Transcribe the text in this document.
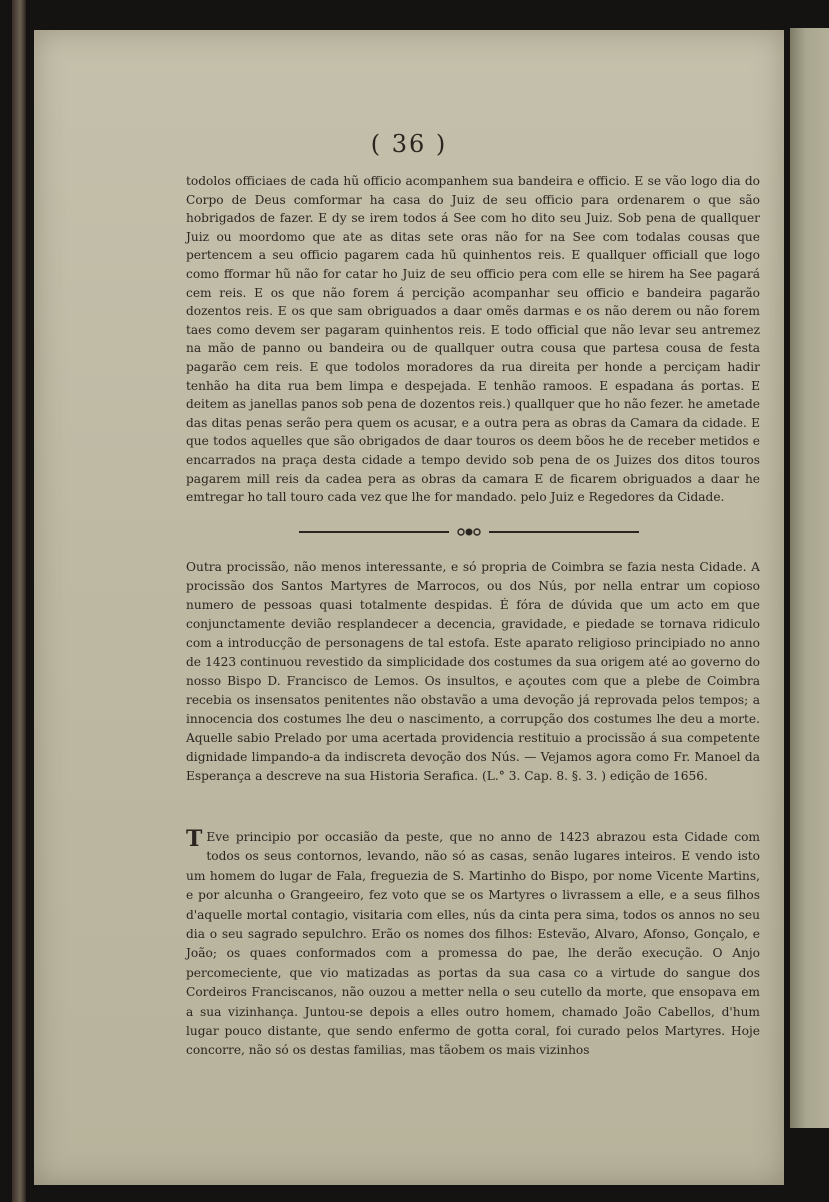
( 36 )
todolos officiaes de cada hũ officio acompanhem sua bandeira e officio. E se vão logo dia do Corpo de Deus comformar ha casa do Juiz de seu officio para ordenarem o que são hobrigados de fazer. E dy se irem todos á See com ho dito seu Juiz. Sob pena de quallquer Juiz ou moordomo que ate as ditas sete oras não for na See com todalas cousas que pertencem a seu officio pagarem cada hũ quinhentos reis. E quallquer officiall que logo como fformar hũ não for catar ho Juiz de seu officio pera com elle se hirem ha See pagará cem reis. E os que não forem á percição acompanhar seu officio e bandeira pagarão dozentos reis. E os que sam obriguados a daar omẽs darmas e os não derem ou não forem taes como devem ser pagaram quinhentos reis. E todo official que não levar seu antremez na mão de panno ou bandeira ou de quallquer outra cousa que partesa cousa de festa pagarão cem reis. E que todolos moradores da rua direita per honde a perciçam hadir tenhão ha dita rua bem limpa e despejada. E tenhão ramoos. E espadana ás portas. E deitem as janellas panos sob pena de dozentos reis.) quallquer que ho não fezer. he ametade das ditas penas serão pera quem os acusar, e a outra pera as obras da Camara da cidade. E que todos aquelles que são obrigados de daar touros os deem bõos he de receber metidos e encarrados na praça desta cidade a tempo devido sob pena de os Juizes dos ditos touros pagarem mill reis da cadea pera as obras da camara E de ficarem obriguados a daar he emtregar ho tall touro cada vez que lhe for mandado. pelo Juiz e Regedores da Cidade.
Outra procissão, não menos interessante, e só propria de Coimbra se fazia nesta Cidade. A procissão dos Santos Martyres de Marrocos, ou dos Nús, por nella entrar um copioso numero de pessoas quasi totalmente despidas. É fóra de dúvida que um acto em que conjunctamente devião resplandecer a decencia, gravidade, e piedade se tornava ridiculo com a introducção de personagens de tal estofa. Este aparato religioso principiado no anno de 1423 continuou revestido da simplicidade dos costumes da sua origem até ao governo do nosso Bispo D. Francisco de Lemos. Os insultos, e açoutes com que a plebe de Coimbra recebia os insensatos penitentes não obstavão a uma devoção já reprovada pelos tempos; a innocencia dos costumes lhe deu o nascimento, a corrupção dos costumes lhe deu a morte. Aquelle sabio Prelado por uma acertada providencia restituio a procissão á sua competente dignidade limpando-a da indiscreta devoção dos Nús. — Vejamos agora como Fr. Manoel da Esperança a descreve na sua Historia Serafica. (L.° 3. Cap. 8. §. 3. ) edição de 1656.
T Eve principio por occasião da peste, que no anno de 1423 abrazou esta Cidade com todos os seus contornos, levando, não só as casas, senão lugares inteiros. E vendo isto um homem do lugar de Fala, freguezia de S. Martinho do Bispo, por nome Vicente Martins, e por alcunha o Grangeeiro, fez voto que se os Martyres o livrassem a elle, e a seus filhos d'aquelle mortal contagio, visitaria com elles, nús da cinta pera sima, todos os annos no seu dia o seu sagrado sepulchro. Erão os nomes dos filhos: Estevão, Alvaro, Afonso, Gonçalo, e João; os quaes conformados com a promessa do pae, lhe derão execução. O Anjo percomeciente, que vio matizadas as portas da sua casa co a virtude do sangue dos Cordeiros Franciscanos, não ouzou a metter nella o seu cutello da morte, que ensopava em a sua vizinhança. Juntou-se depois a elles outro homem, chamado João Cabellos, d'hum lugar pouco distante, que sendo enfermo de gotta coral, foi curado pelos Martyres. Hoje concorre, não só os destas familias, mas tãobem os mais vizinhos
